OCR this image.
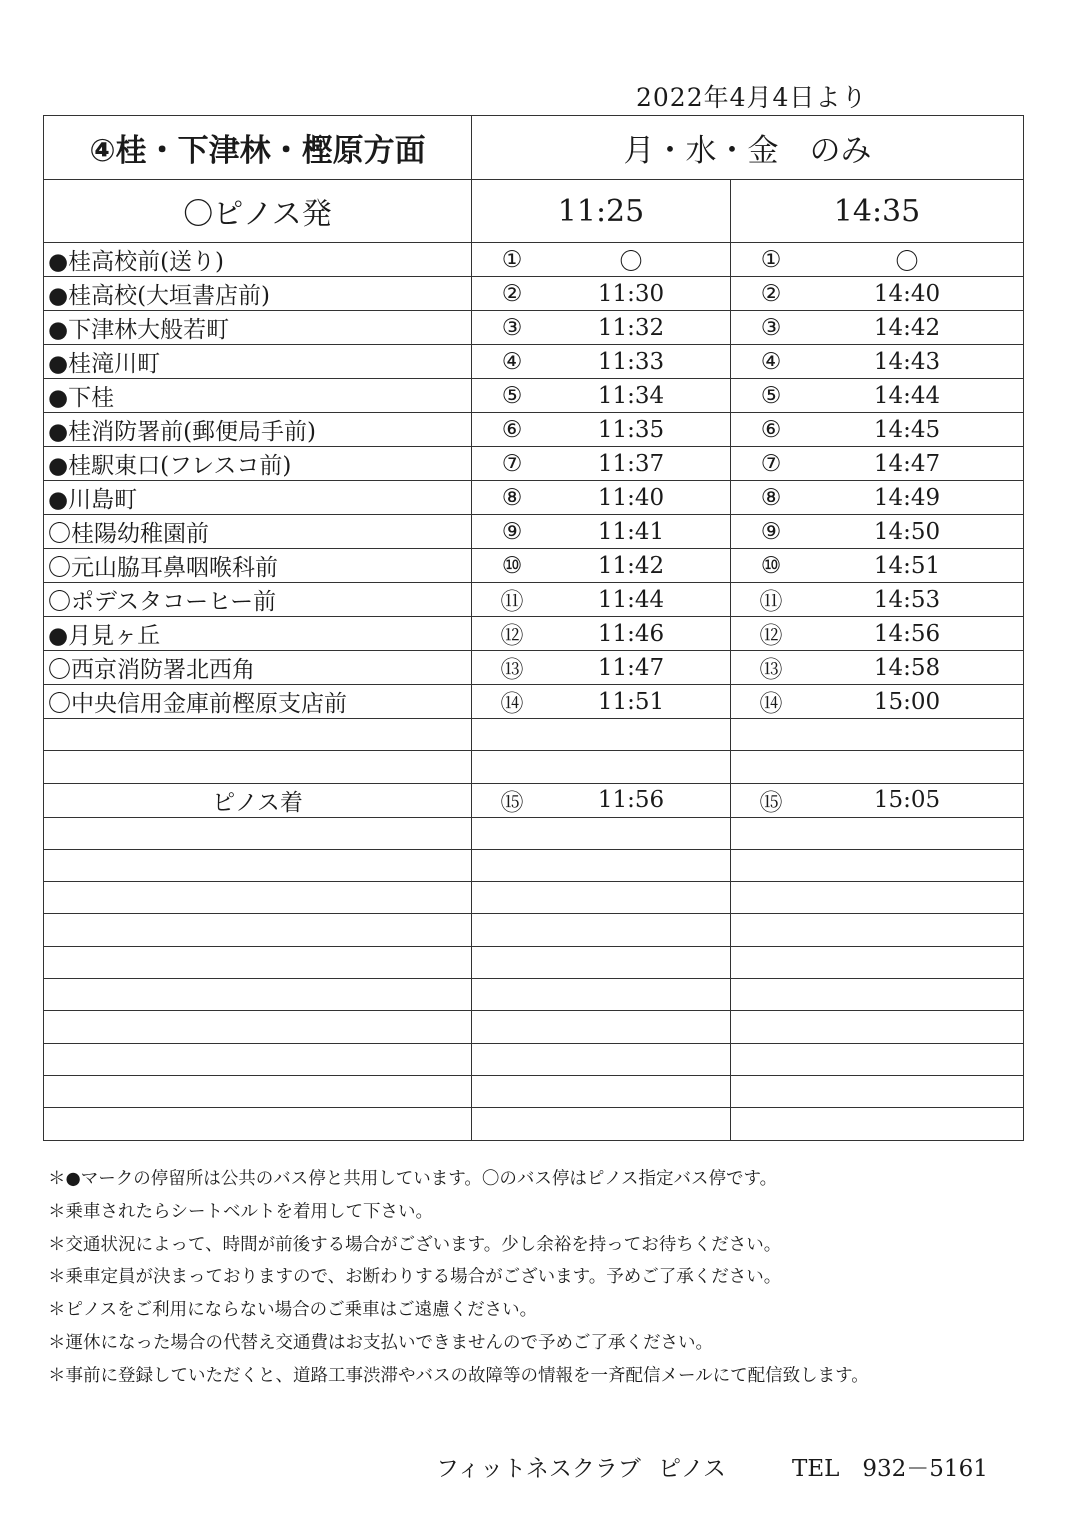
2022年4月4日より
④桂・下津林・樫原方面	月・水・金　のみ	
〇ピノス発	11:25	14:35
●桂高校前(送り)	① 〇	① 〇

●桂高校(大垣書店前)	② 11:30	② 14:40

●下津林大般若町	③ 11:32	③ 14:42

●桂滝川町	④ 11:33	④ 14:43

●下桂	⑤ 11:34	⑤ 14:44

●桂消防署前(郵便局手前)	⑥ 11:35	⑥ 14:45

●桂駅東口(フレスコ前)	⑦ 11:37	⑦ 14:47

●川島町	⑧ 11:40	⑧ 14:49

〇桂陽幼稚園前	⑨ 11:41	⑨ 14:50

〇元山脇耳鼻咽喉科前	⑩ 11:42	⑩ 14:51

〇ポデスタコーヒー前	⑪ 11:44	⑪ 14:53

●月見ヶ丘	⑫ 11:46	⑫ 14:56

〇西京消防署北西角	⑬ 11:47	⑬ 14:58

〇中央信用金庫前樫原支店前	⑭ 11:51	⑭ 15:00

ピノス着	⑮ 11:56	⑮ 15:05

＊●マークの停留所は公共のバス停と共用しています。〇のバス停はピノス指定バス停です。
＊乗車されたらシートベルトを着用して下さい。
＊交通状況によって、時間が前後する場合がございます。少し余裕を持ってお待ちください。
＊乗車定員が決まっておりますので、お断わりする場合がございます。予めご了承ください。
＊ピノスをご利用にならない場合のご乗車はご遠慮ください。
＊運休になった場合の代替え交通費はお支払いできませんので予めご了承ください。
＊事前に登録していただくと、道路工事渋滞やバスの故障等の情報を一斉配信メールにて配信致します。
フィットネスクラブ ピノス	TEL　932－5161
